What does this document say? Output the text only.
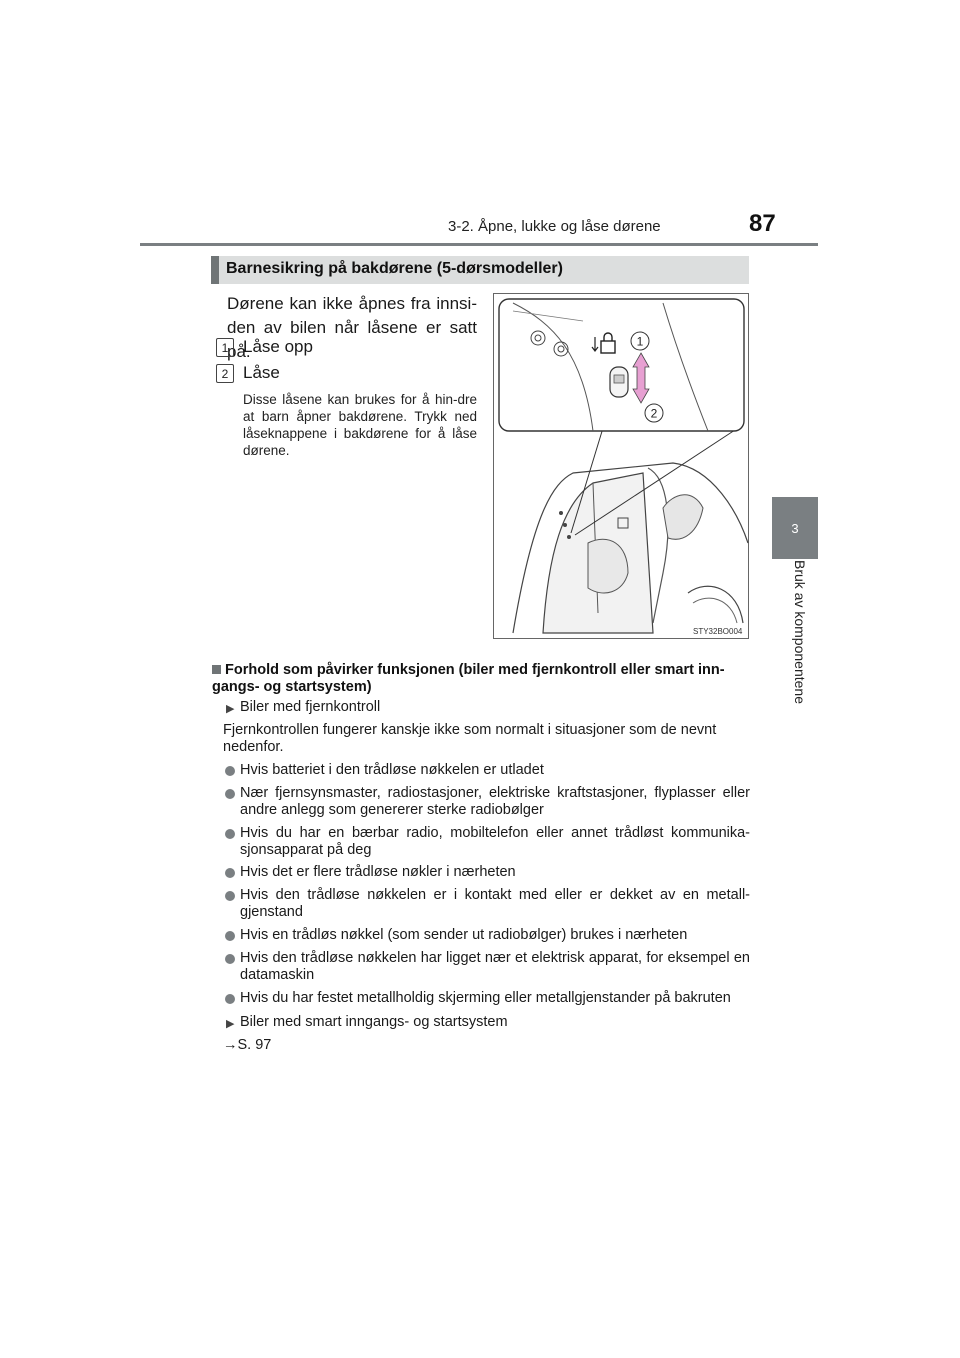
3-2. Åpne, lukke og låse dørene	87
3
Bruk av komponentene
Barnesikring på bakdørene (5-dørsmodeller)
Dørene kan ikke åpnes fra innsi-den av bilen når låsene er satt på.
1 Låse opp
2 Låse
Disse låsene kan brukes for å hin-dre at barn åpner bakdørene. Trykk ned låseknappene i bakdørene for å låse dørene.
1
2
STY32BO004
Forhold som påvirker funksjonen (biler med fjernkontroll eller smart inn-gangs- og startsystem)
▶ Biler med fjernkontroll
Fjernkontrollen fungerer kanskje ikke som normalt i situasjoner som de nevnt nedenfor.
Hvis batteriet i den trådløse nøkkelen er utladet
Nær fjernsynsmaster, radiostasjoner, elektriske kraftstasjoner, flyplasser eller andre anlegg som genererer sterke radiobølger
Hvis du har en bærbar radio, mobiltelefon eller annet trådløst kommunika-sjonsapparat på deg
Hvis det er flere trådløse nøkler i nærheten
Hvis den trådløse nøkkelen er i kontakt med eller er dekket av en metall-gjenstand
Hvis en trådløs nøkkel (som sender ut radiobølger) brukes i nærheten
Hvis den trådløse nøkkelen har ligget nær et elektrisk apparat, for eksempel en datamaskin
Hvis du har festet metallholdig skjerming eller metallgjenstander på bakruten
▶ Biler med smart inngangs- og startsystem
→S. 97
